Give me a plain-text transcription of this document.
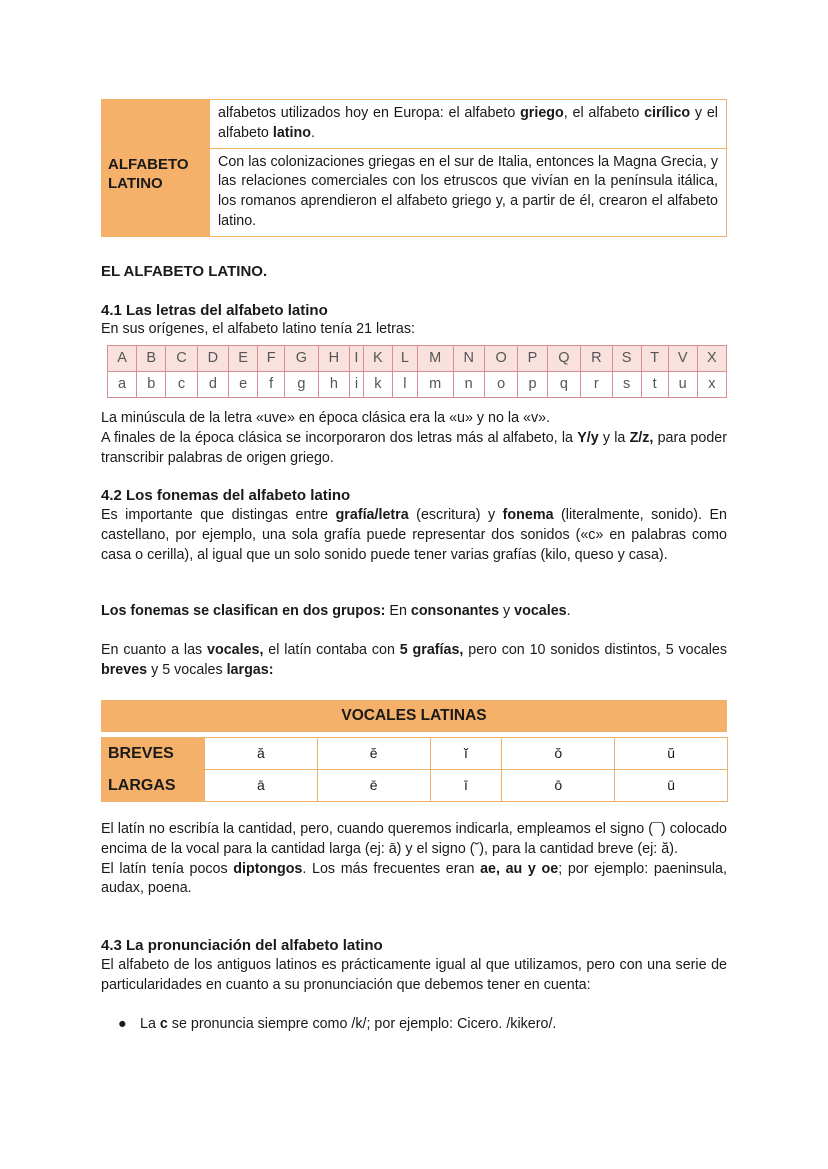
	alfabetos utilizados hoy en Europa: el alfabeto griego, el alfabeto cirílico y el alfabeto latino.
ALFABETO
LATINO	Con las colonizaciones griegas en el sur de Italia, entonces la Magna Grecia, y las relaciones comerciales con los etruscos que vivían en la península itálica, los romanos aprendieron el alfabeto griego y, a partir de él, crearon el alfabeto latino.
EL ALFABETO LATINO.
4.1 Las letras del alfabeto latino
En sus orígenes, el alfabeto latino tenía 21 letras:
A	B	C	D	E	F	G	H	I	K	L	M	N	O	P	Q	R	S	T	V	X
a	b	c	d	e	f	g	h	i	k	l	m	n	o	p	q	r	s	t	u	x
La minúscula de la letra «uve» en época clásica era la «u» y no la «v».
A finales de la época clásica se incorporaron dos letras más al alfabeto, la Y/y y la Z/z, para poder transcribir palabras de origen griego.
4.2 Los fonemas del alfabeto latino
Es importante que distingas entre grafía/letra (escritura) y fonema (literalmente, sonido). En castellano, por ejemplo, una sola grafía puede representar dos sonidos («c» en palabras como casa o cerilla), al igual que un solo sonido puede tener varias grafías (kilo, queso y casa).
Los fonemas se clasifican en dos grupos: En consonantes y vocales.
En cuanto a las vocales, el latín contaba con 5 grafías, pero con 10 sonidos distintos, 5 vocales breves y 5 vocales largas:
VOCALES LATINAS
BREVES	ă	ĕ	ĭ	ŏ	ŭ
LARGAS	ā	ē	ī	ō	ū
El latín no escribía la cantidad, pero, cuando queremos indicarla, empleamos el signo (¯) colocado encima de la vocal para la cantidad larga (ej: ā) y el signo (˘), para la cantidad breve (ej: ă).
El latín tenía pocos diptongos. Los más frecuentes eran ae, au y oe; por ejemplo: paeninsula, audax, poena.
4.3 La pronunciación del alfabeto latino
El alfabeto de los antiguos latinos es prácticamente igual al que utilizamos, pero con una serie de particularidades en cuanto a su pronunciación que debemos tener en cuenta:
● La c se pronuncia siempre como /k/; por ejemplo: Cicero. /kikero/.
